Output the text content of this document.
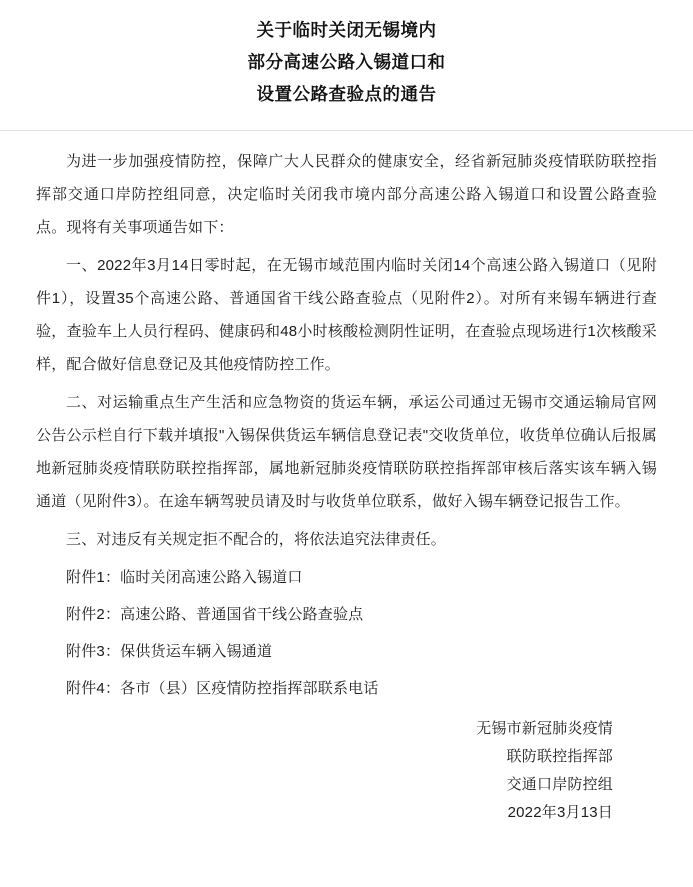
关于临时关闭无锡境内
部分高速公路入锡道口和
设置公路查验点的通告

为进一步加强疫情防控，保障广大人民群众的健康安全，经省新冠肺炎疫情联防联控指挥部交通口岸防控组同意，决定临时关闭我市境内部分高速公路入锡道口和设置公路查验点。现将有关事项通告如下：

一、2022年3月14日零时起，在无锡市域范围内临时关闭14个高速公路入锡道口（见附件1），设置35个高速公路、普通国省干线公路查验点（见附件2）。对所有来锡车辆进行查验，查验车上人员行程码、健康码和48小时核酸检测阴性证明，在查验点现场进行1次核酸采样，配合做好信息登记及其他疫情防控工作。

二、对运输重点生产生活和应急物资的货运车辆，承运公司通过无锡市交通运输局官网公告公示栏自行下载并填报"入锡保供货运车辆信息登记表"交收货单位，收货单位确认后报属地新冠肺炎疫情联防联控指挥部，属地新冠肺炎疫情联防联控指挥部审核后落实该车辆入锡通道（见附件3）。在途车辆驾驶员请及时与收货单位联系，做好入锡车辆登记报告工作。

三、对违反有关规定拒不配合的，将依法追究法律责任。

附件1：临时关闭高速公路入锡道口

附件2：高速公路、普通国省干线公路查验点

附件3：保供货运车辆入锡通道

附件4：各市（县）区疫情防控指挥部联系电话

无锡市新冠肺炎疫情
联防联控指挥部
交通口岸防控组
2022年3月13日
